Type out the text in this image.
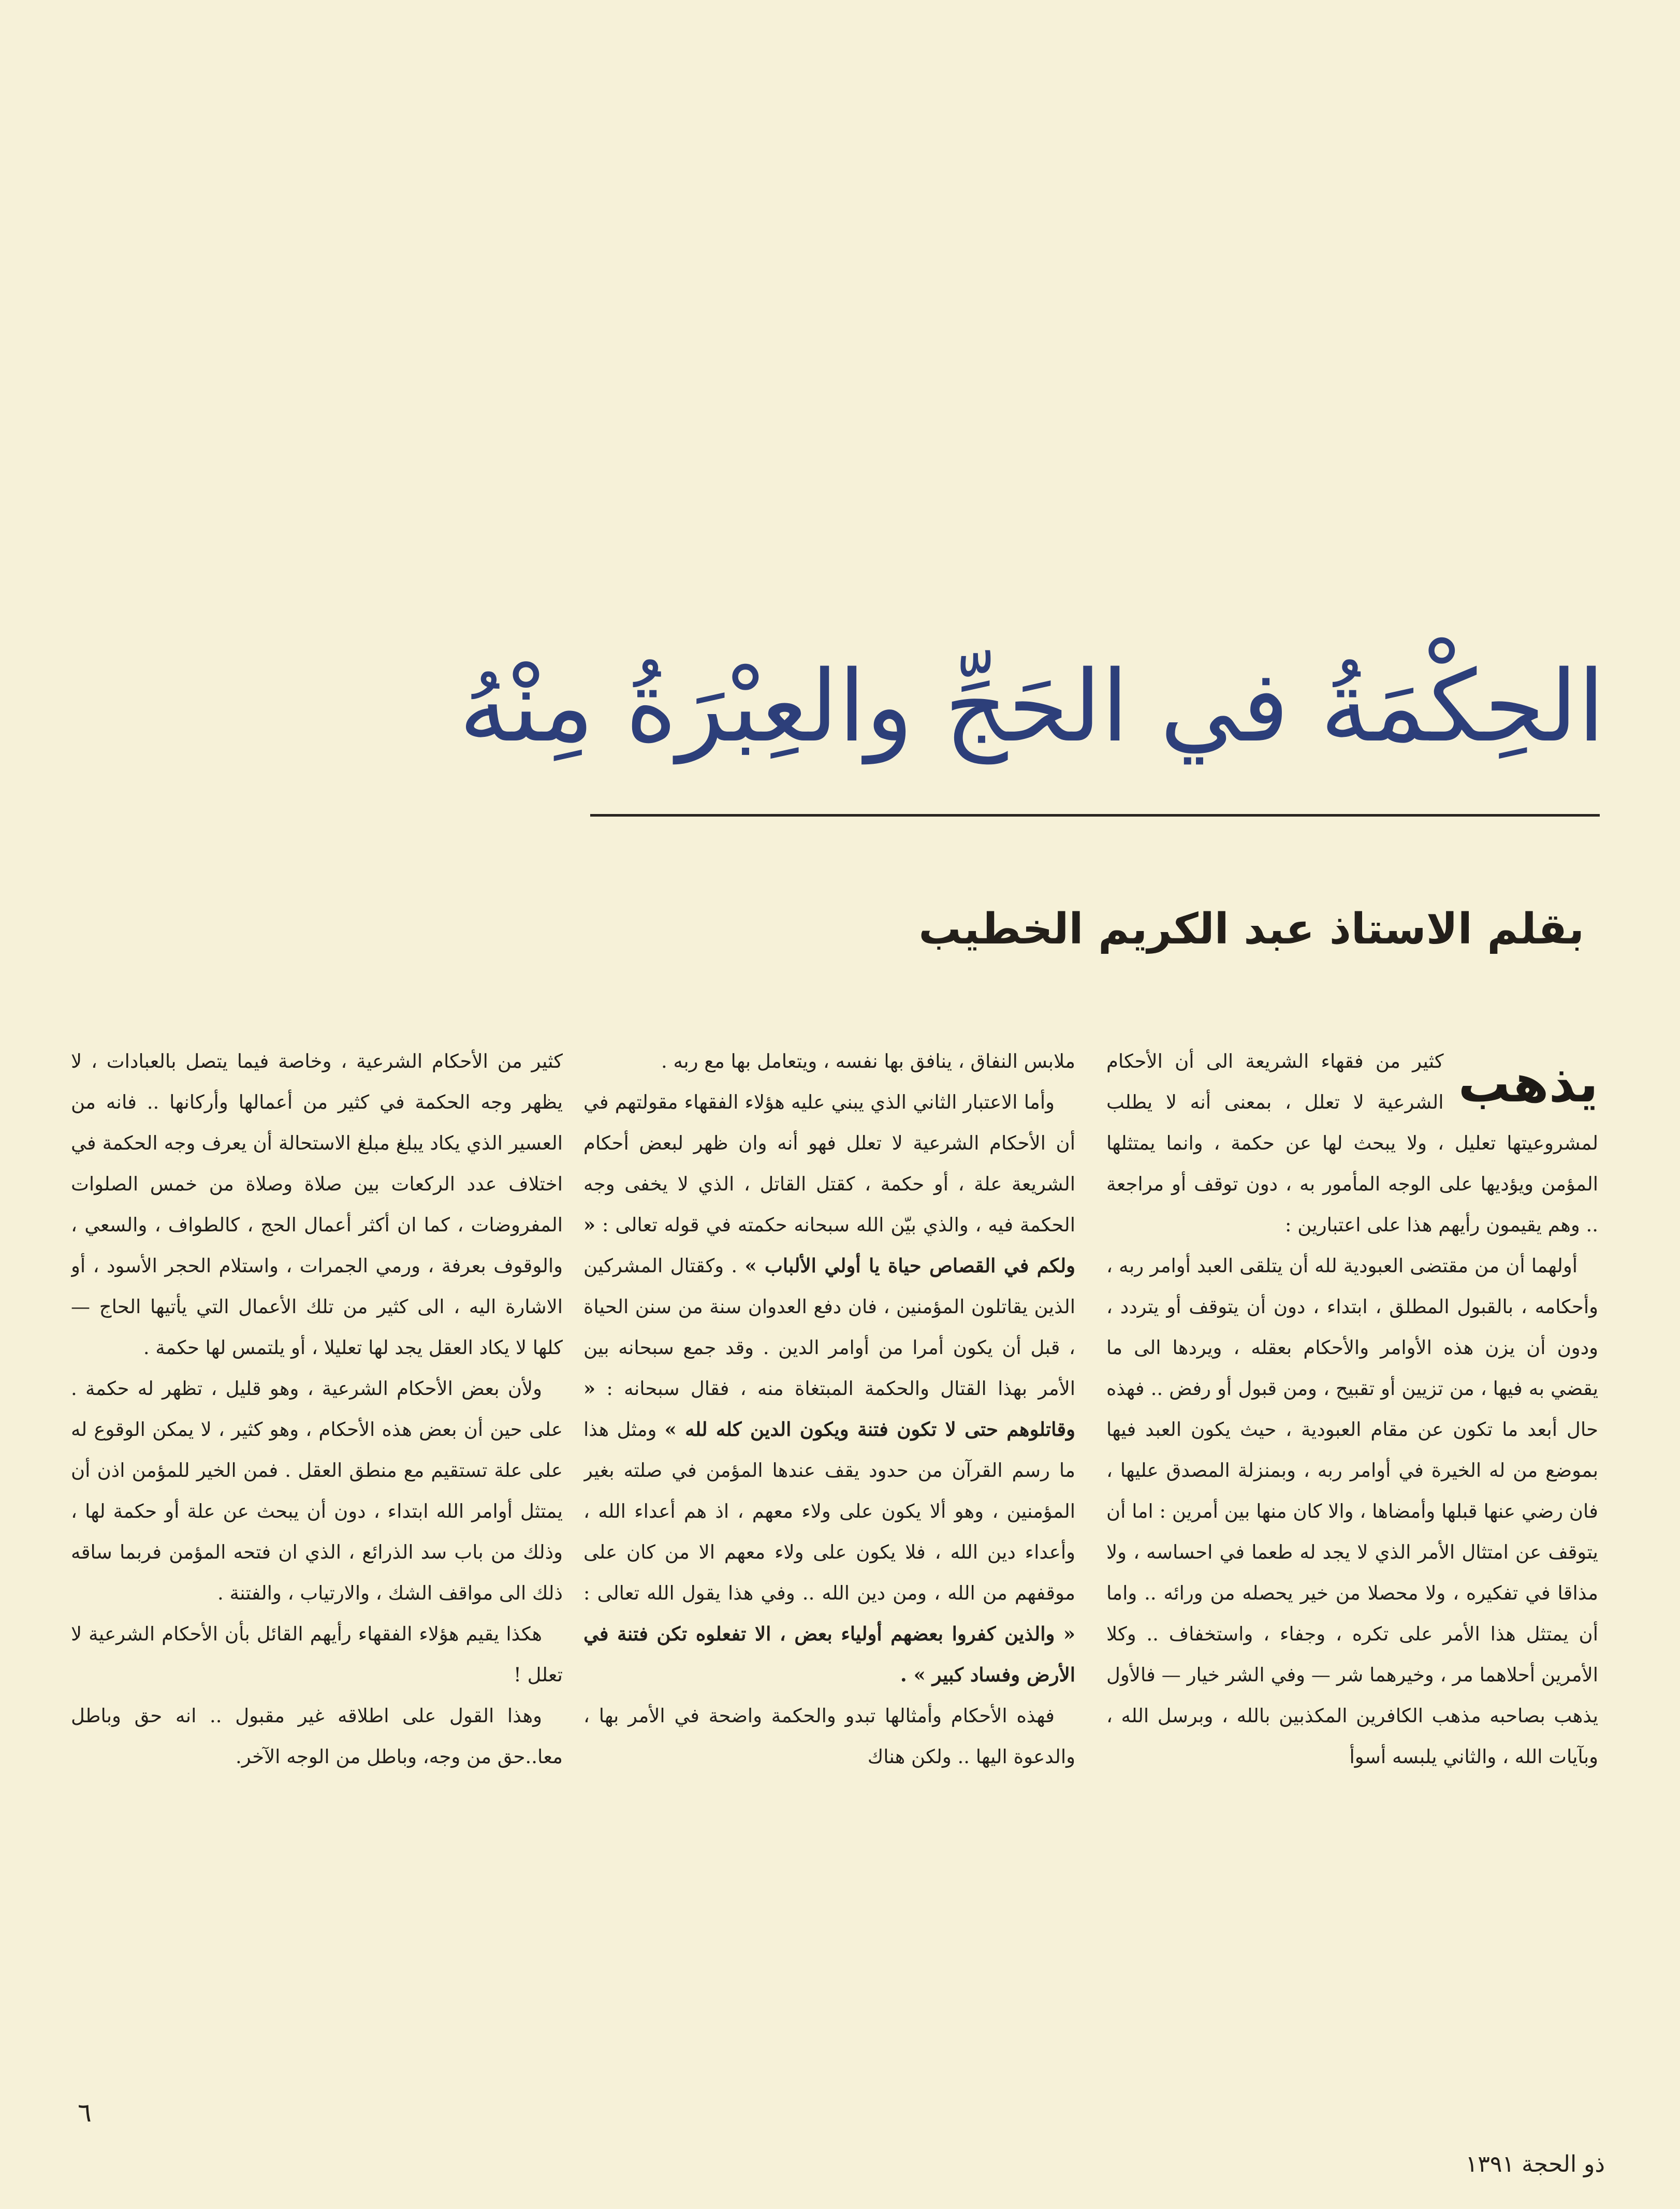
الحِكْمَةُ في الحَجِّ والعِبْرَةُ مِنْهُ
بقلم الاستاذ عبد الكريم الخطيب

يذهب
كثير من فقهاء الشريعة الى أن الأحكام الشرعية لا تعلل ، بمعنى أنه لا يطلب لمشروعيتها تعليل ، ولا يبحث لها عن حكمة ، وانما يمتثلها المؤمن ويؤديها على الوجه المأمور به ، دون توقف أو مراجعة .. وهم يقيمون رأيهم هذا على اعتبارين :

أولهما أن من مقتضى العبودية لله أن يتلقى العبد أوامر ربه ، وأحكامه ، بالقبول المطلق ، ابتداء ، دون أن يتوقف أو يتردد ، ودون أن يزن هذه الأوامر والأحكام بعقله ، ويردها الى ما يقضي به فيها ، من تزيين أو تقبيح ، ومن قبول أو رفض .. فهذه حال أبعد ما تكون عن مقام العبودية ، حيث يكون العبد فيها بموضع من له الخيرة في أوامر ربه ، وبمنزلة المصدق عليها ، فان رضي عنها قبلها وأمضاها ، والا كان منها بين أمرين : اما أن يتوقف عن امتثال الأمر الذي لا يجد له طعما في احساسه ، ولا مذاقا في تفكيره ، ولا محصلا من خير يحصله من ورائه .. واما أن يمتثل هذا الأمر على تكره ، وجفاء ، واستخفاف .. وكلا الأمرين أحلاهما مر ، وخيرهما شر — وفي الشر خيار — فالأول يذهب بصاحبه مذهب الكافرين المكذبين بالله ، وبرسل الله ، وبآيات الله ، والثاني يلبسه أسوأ

ملابس النفاق ، ينافق بها نفسه ، ويتعامل بها مع ربه .

وأما الاعتبار الثاني الذي يبني عليه هؤلاء الفقهاء مقولتهم في أن الأحكام الشرعية لا تعلل فهو أنه وان ظهر لبعض أحكام الشريعة علة ، أو حكمة ، كقتل القاتل ، الذي لا يخفى وجه الحكمة فيه ، والذي بيّن الله سبحانه حكمته في قوله تعالى : « ولكم في القصاص حياة يا أولي الألباب » . وكقتال المشركين الذين يقاتلون المؤمنين ، فان دفع العدوان سنة من سنن الحياة ، قبل أن يكون أمرا من أوامر الدين . وقد جمع سبحانه بين الأمر بهذا القتال والحكمة المبتغاة منه ، فقال سبحانه : « وقاتلوهم حتى لا تكون فتنة ويكون الدين كله لله » ومثل هذا ما رسم القرآن من حدود يقف عندها المؤمن في صلته بغير المؤمنين ، وهو ألا يكون على ولاء معهم ، اذ هم أعداء الله ، وأعداء دين الله ، فلا يكون على ولاء معهم الا من كان على موقفهم من الله ، ومن دين الله .. وفي هذا يقول الله تعالى : « والذين كفروا بعضهم أولياء بعض ، الا تفعلوه تكن فتنة في الأرض وفساد كبير » .

فهذه الأحكام وأمثالها تبدو والحكمة واضحة في الأمر بها ، والدعوة اليها .. ولكن هناك

كثير من الأحكام الشرعية ، وخاصة فيما يتصل بالعبادات ، لا يظهر وجه الحكمة في كثير من أعمالها وأركانها .. فانه من العسير الذي يكاد يبلغ مبلغ الاستحالة أن يعرف وجه الحكمة في اختلاف عدد الركعات بين صلاة وصلاة من خمس الصلوات المفروضات ، كما ان أكثر أعمال الحج ، كالطواف ، والسعي ، والوقوف بعرفة ، ورمي الجمرات ، واستلام الحجر الأسود ، أو الاشارة اليه ، الى كثير من تلك الأعمال التي يأتيها الحاج — كلها لا يكاد العقل يجد لها تعليلا ، أو يلتمس لها حكمة .

ولأن بعض الأحكام الشرعية ، وهو قليل ، تظهر له حكمة . على حين أن بعض هذه الأحكام ، وهو كثير ، لا يمكن الوقوع له على علة تستقيم مع منطق العقل . فمن الخير للمؤمن اذن أن يمتثل أوامر الله ابتداء ، دون أن يبحث عن علة أو حكمة لها ، وذلك من باب سد الذرائع ، الذي ان فتحه المؤمن فربما ساقه ذلك الى مواقف الشك ، والارتياب ، والفتنة .

هكذا يقيم هؤلاء الفقهاء رأيهم القائل بأن الأحكام الشرعية لا تعلل !

وهذا القول على اطلاقه غير مقبول .. انه حق وباطل معا..حق من وجه، وباطل من الوجه الآخر.

٦
ذو الحجة ١٣٩١
